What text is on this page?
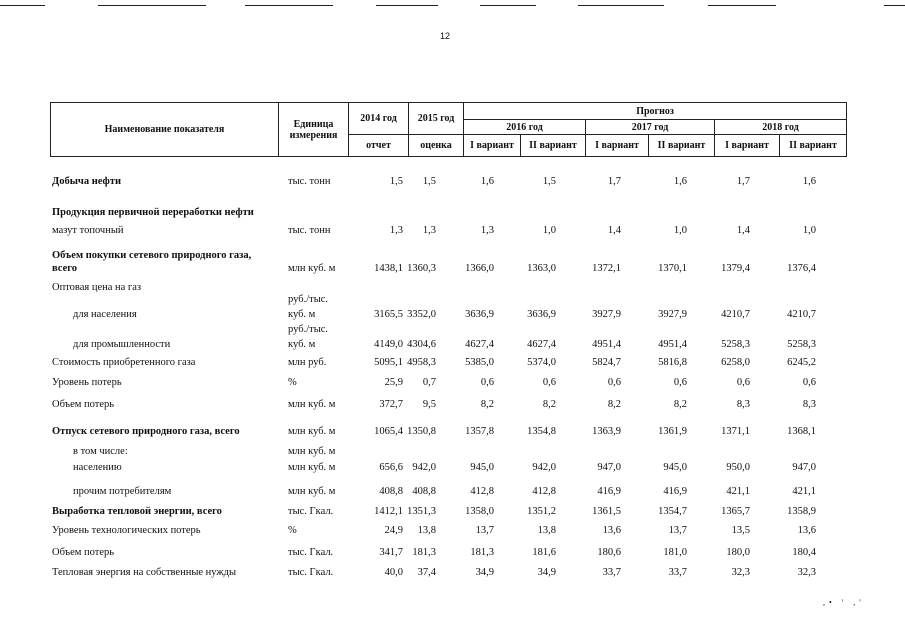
12
Наименование показателя	Единица измерения	2014 год	2015 год	Прогноз					
				2016 год		2017 год		2018 год	
		отчет	оценка	I вариант	II вариант	I вариант	II вариант	I вариант	II вариант
Добыча нефти	тыс. тонн	1,5	1,5	1,6	1,5	1,7	1,6	1,7	1,6
Продукция первичной переработки нефти
мазут топочный	тыс. тонн	1,3	1,3	1,3	1,0	1,4	1,0	1,4	1,0
Объем покупки сетевого природного газа,
всего	млн куб. м	1438,1 1360,3	1366,0	1363,0	1372,1	1370,1	1379,4	1376,4
Оптовая цена на газ
руб./тыс.
для населения	куб. м	3165,5 3352,0	3636,9	3636,9	3927,9	3927,9	4210,7	4210,7
руб./тыс.
для промышленности	куб. м	4149,0 4304,6	4627,4	4627,4	4951,4	4951,4	5258,3	5258,3
Стоимость приобретенного газа	млн руб.	5095,1 4958,3	5385,0	5374,0	5824,7	5816,8	6258,0	6245,2
Уровень потерь	%	25,9	0,7	0,6	0,6	0,6	0,6	0,6	0,6
Объем потерь	млн куб. м	372,7	9,5	8,2	8,2	8,2	8,2	8,3	8,3
Отпуск сетевого природного газа, всего	млн куб. м	1065,4 1350,8	1357,8	1354,8	1363,9	1361,9	1371,1	1368,1
в том числе:	млн куб. м
населению	млн куб. м	656,6 942,0	945,0	942,0	947,0	945,0	950,0	947,0
прочим потребителям	млн куб. м	408,8 408,8	412,8	412,8	416,9	416,9	421,1	421,1
Выработка тепловой энергии, всего	тыс. Гкал.	1412,1 1351,3	1358,0	1351,2	1361,5	1354,7	1365,7	1358,9
Уровень технологических потерь	%	24,9	13,8	13,7	13,8	13,6	13,7	13,5	13,6
Объем потерь	тыс. Гкал.	341,7 181,3	181,3	181,6	180,6	181,0	180,0	180,4
Тепловая энергия на собственные нужды	тыс. Гкал.	40,0	37,4	34,9	34,9	33,7	33,7	32,3	32,3
,• ' ,'
